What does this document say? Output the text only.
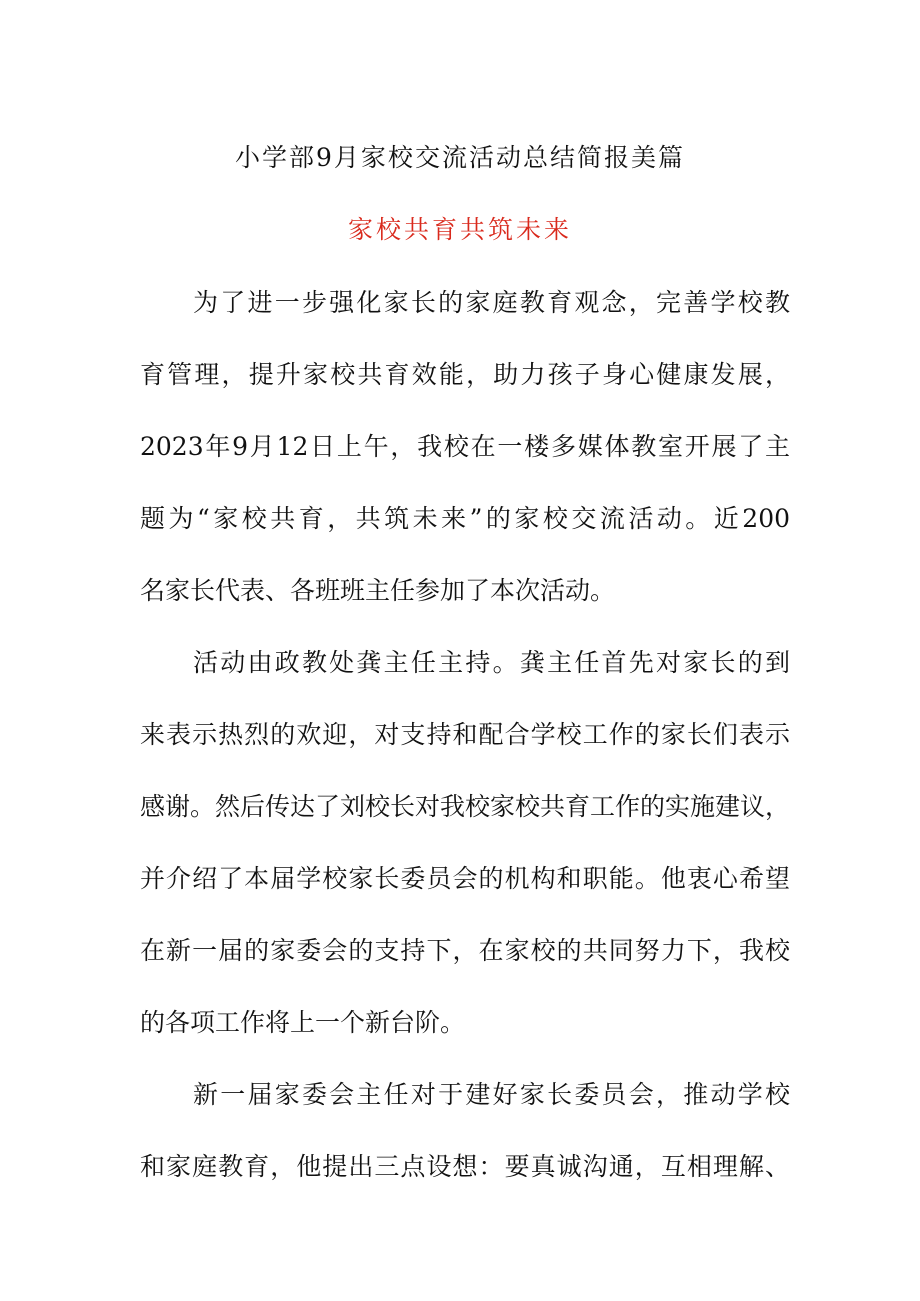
小学部9月家校交流活动总结简报美篇
家校共育共筑未来
为了进一步强化家长的家庭教育观念，完善学校教
育管理，提升家校共育效能，助力孩子身心健康发展，
2023年9月12日上午，我校在一楼多媒体教室开展了主
题为“家校共育，共筑未来”的家校交流活动。近200
名家长代表、各班班主任参加了本次活动。
活动由政教处龚主任主持。龚主任首先对家长的到
来表示热烈的欢迎，对支持和配合学校工作的家长们表示
感谢。然后传达了刘校长对我校家校共育工作的实施建议，
并介绍了本届学校家长委员会的机构和职能。他衷心希望
在新一届的家委会的支持下，在家校的共同努力下，我校
的各项工作将上一个新台阶。
新一届家委会主任对于建好家长委员会，推动学校
和家庭教育，他提出三点设想：要真诚沟通，互相理解、
